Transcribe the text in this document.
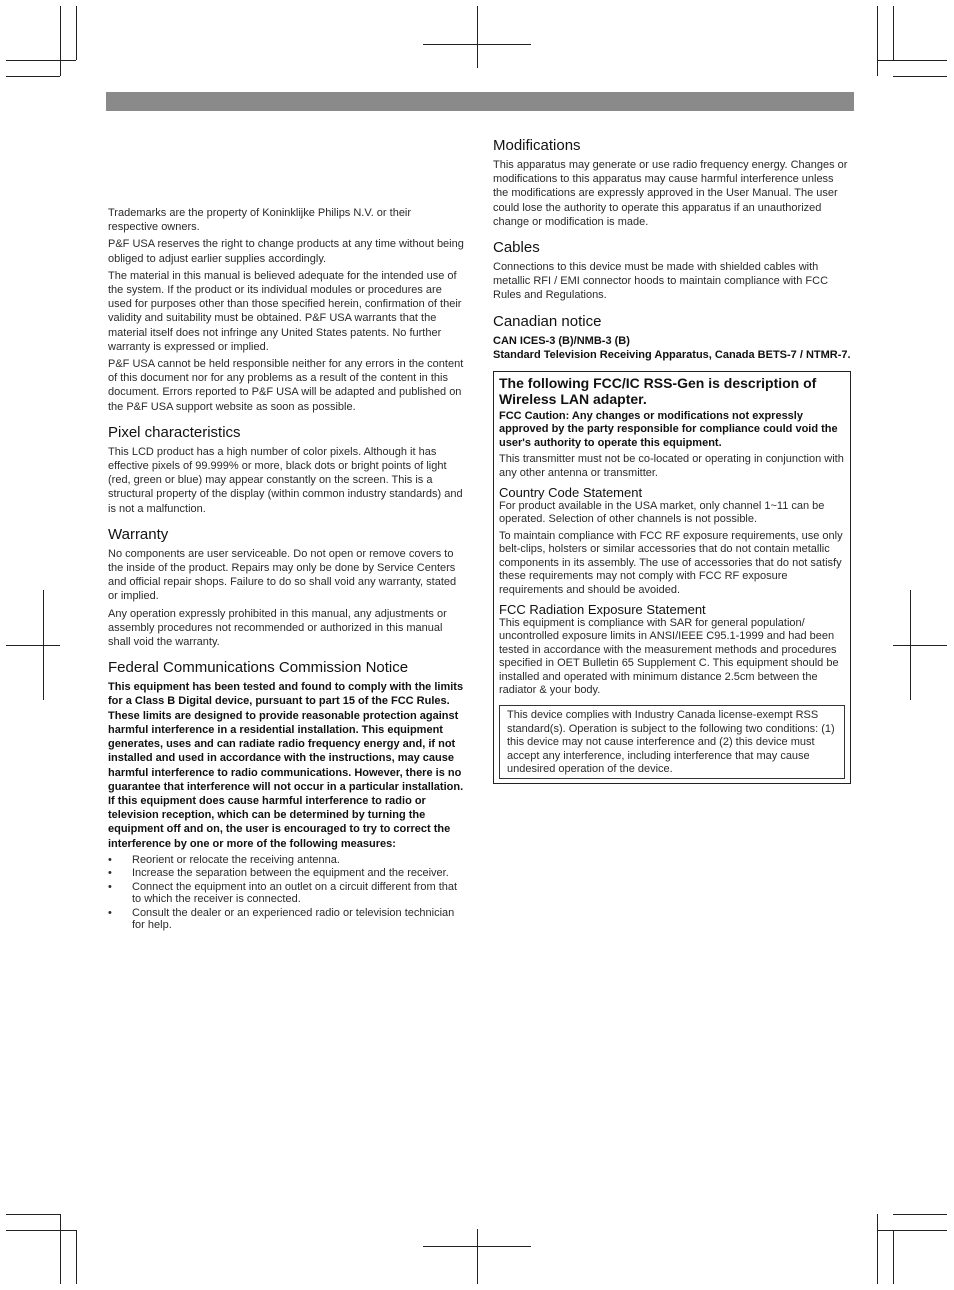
Trademarks are the property of Koninklijke Philips N.V. or their respective owners.

P&F USA reserves the right to change products at any time without being obliged to adjust earlier supplies accordingly.

The material in this manual is believed adequate for the intended use of the system. If the product or its individual modules or procedures are used for purposes other than those specified herein, confirmation of their validity and suitability must be obtained. P&F USA warrants that the material itself does not infringe any United States patents. No further warranty is expressed or implied.

P&F USA cannot be held responsible neither for any errors in the content of this document nor for any problems as a result of the content in this document. Errors reported to P&F USA will be adapted and published on the P&F USA support website as soon as possible.

Pixel characteristics

This LCD product has a high number of color pixels. Although it has effective pixels of 99.999% or more, black dots or bright points of light (red, green or blue) may appear constantly on the screen. This is a structural property of the display (within common industry standards) and is not a malfunction.

Warranty

No components are user serviceable. Do not open or remove covers to the inside of the product. Repairs may only be done by Service Centers and official repair shops. Failure to do so shall void any warranty, stated or implied.

Any operation expressly prohibited in this manual, any adjustments or assembly procedures not recommended or authorized in this manual shall void the warranty.

Federal Communications Commission Notice

This equipment has been tested and found to comply with the limits for a Class B Digital device, pursuant to part 15 of the FCC Rules. These limits are designed to provide reasonable protection against harmful interference in a residential installation. This equipment generates, uses and can radiate radio frequency energy and, if not installed and used in accordance with the instructions, may cause harmful interference to radio communications. However, there is no guarantee that interference will not occur in a particular installation. If this equipment does cause harmful interference to radio or television reception, which can be determined by turning the equipment off and on, the user is encouraged to try to correct the interference by one or more of the following measures:

• Reorient or relocate the receiving antenna.
• Increase the separation between the equipment and the receiver.
• Connect the equipment into an outlet on a circuit different from that to which the receiver is connected.
• Consult the dealer or an experienced radio or television technician for help.
Modifications

This apparatus may generate or use radio frequency energy. Changes or modifications to this apparatus may cause harmful interference unless the modifications are expressly approved in the User Manual. The user could lose the authority to operate this apparatus if an unauthorized change or modification is made.

Cables

Connections to this device must be made with shielded cables with metallic RFI / EMI connector hoods to maintain compliance with FCC Rules and Regulations.

Canadian notice

CAN ICES-3 (B)/NMB-3 (B)

Standard Television Receiving Apparatus, Canada BETS-7 / NTMR-7.

The following FCC/IC RSS-Gen is description of Wireless LAN adapter.

FCC Caution: Any changes or modifications not expressly approved by the party responsible for compliance could void the user's authority to operate this equipment.

This transmitter must not be co-located or operating in conjunction with any other antenna or transmitter.

Country Code Statement

For product available in the USA market, only channel 1~11 can be operated. Selection of other channels is not possible.

To maintain compliance with FCC RF exposure requirements, use only belt-clips, holsters or similar accessories that do not contain metallic components in its assembly. The use of accessories that do not satisfy these requirements may not comply with FCC RF exposure requirements and should be avoided.

FCC Radiation Exposure Statement

This equipment is compliance with SAR for general population/ uncontrolled exposure limits in ANSI/IEEE C95.1-1999 and had been tested in accordance with the measurement methods and procedures specified in OET Bulletin 65 Supplement C. This equipment should be installed and operated with minimum distance 2.5cm between the radiator & your body.

This device complies with Industry Canada license-exempt RSS standard(s). Operation is subject to the following two conditions: (1) this device may not cause interference and (2) this device must accept any interference, including interference that may cause undesired operation of the device.
